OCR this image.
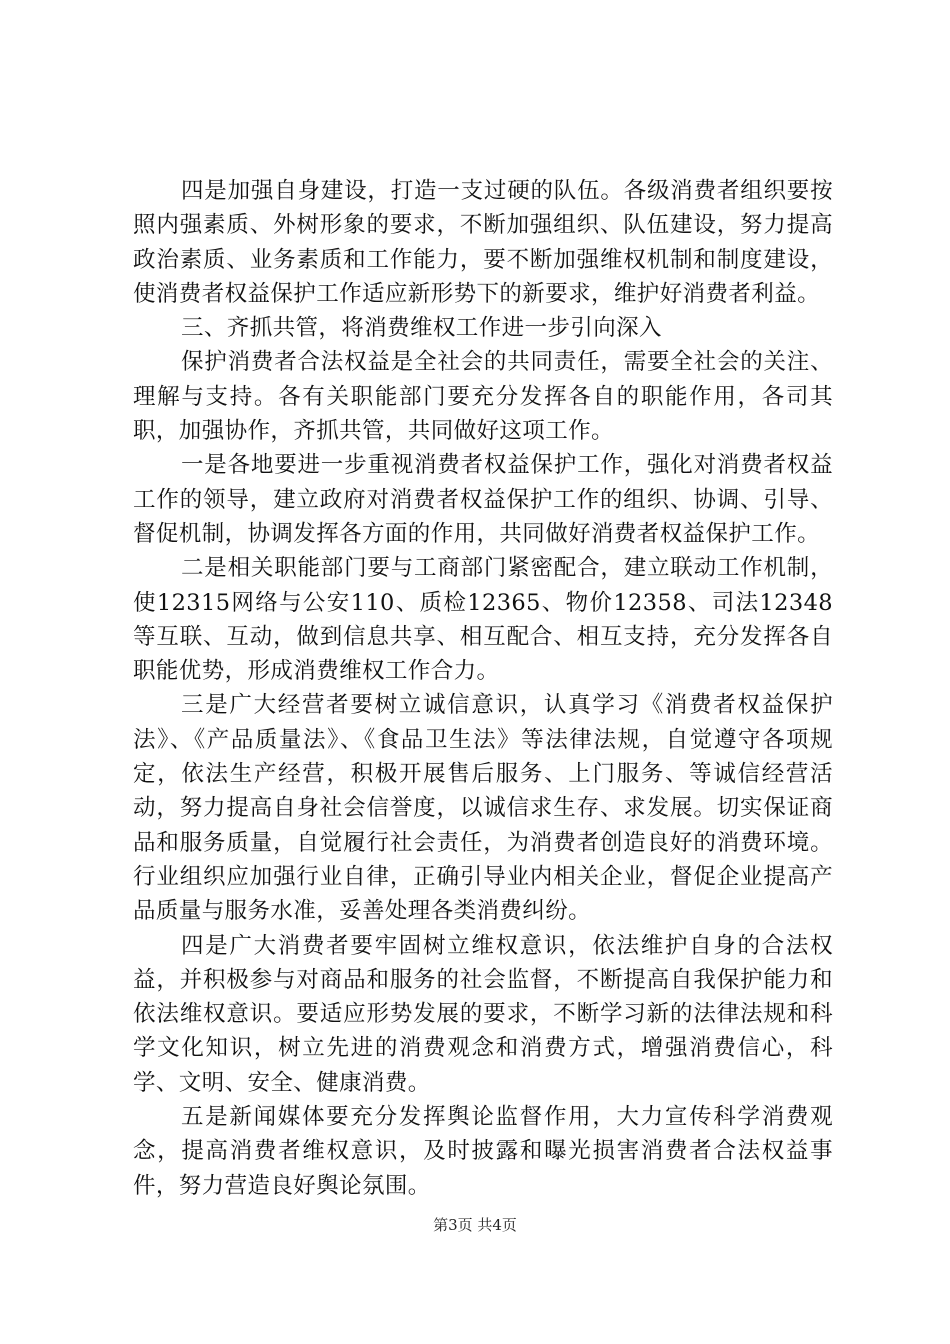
四是加强自身建设，打造一支过硬的队伍。各级消费者组织要按照内强素质、外树形象的要求，不断加强组织、队伍建设，努力提高政治素质、业务素质和工作能力，要不断加强维权机制和制度建设，使消费者权益保护工作适应新形势下的新要求，维护好消费者利益。

三、齐抓共管，将消费维权工作进一步引向深入

保护消费者合法权益是全社会的共同责任，需要全社会的关注、理解与支持。各有关职能部门要充分发挥各自的职能作用，各司其职，加强协作，齐抓共管，共同做好这项工作。

一是各地要进一步重视消费者权益保护工作，强化对消费者权益工作的领导，建立政府对消费者权益保护工作的组织、协调、引导、督促机制，协调发挥各方面的作用，共同做好消费者权益保护工作。

二是相关职能部门要与工商部门紧密配合，建立联动工作机制，使12315网络与公安110、质检12365、物价12358、司法12348等互联、互动，做到信息共享、相互配合、相互支持，充分发挥各自职能优势，形成消费维权工作合力。

三是广大经营者要树立诚信意识，认真学习《消费者权益保护法》、《产品质量法》、《食品卫生法》等法律法规，自觉遵守各项规定，依法生产经营，积极开展售后服务、上门服务、等诚信经营活动，努力提高自身社会信誉度，以诚信求生存、求发展。切实保证商品和服务质量，自觉履行社会责任，为消费者创造良好的消费环境。行业组织应加强行业自律，正确引导业内相关企业，督促企业提高产品质量与服务水准，妥善处理各类消费纠纷。

四是广大消费者要牢固树立维权意识，依法维护自身的合法权益，并积极参与对商品和服务的社会监督，不断提高自我保护能力和依法维权意识。要适应形势发展的要求，不断学习新的法律法规和科学文化知识，树立先进的消费观念和消费方式，增强消费信心，科学、文明、安全、健康消费。

五是新闻媒体要充分发挥舆论监督作用，大力宣传科学消费观念，提高消费者维权意识，及时披露和曝光损害消费者合法权益事件，努力营造良好舆论氛围。

第3页 共4页
